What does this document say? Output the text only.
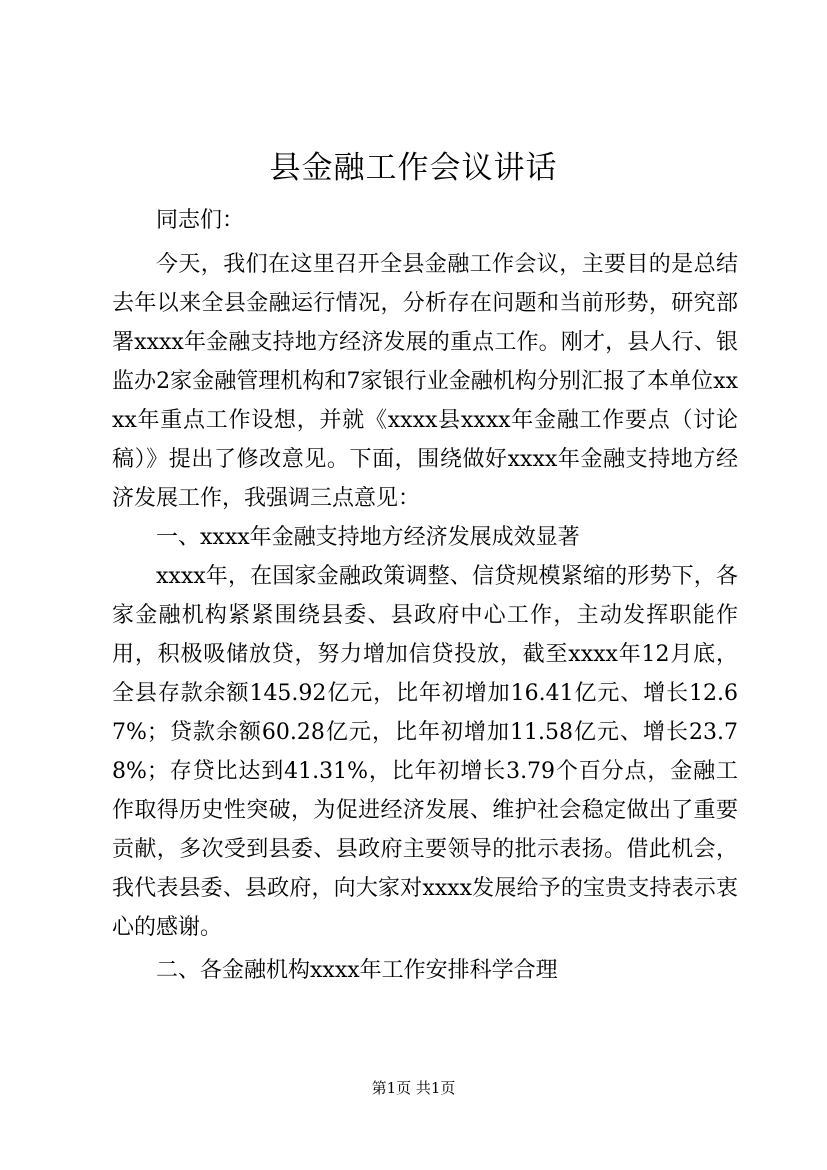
县金融工作会议讲话

同志们：

今天，我们在这里召开全县金融工作会议，主要目的是总结去年以来全县金融运行情况，分析存在问题和当前形势，研究部署xxxx年金融支持地方经济发展的重点工作。刚才，县人行、银监办2家金融管理机构和7家银行业金融机构分别汇报了本单位xxxx年重点工作设想，并就《xxxx县xxxx年金融工作要点（讨论稿）》提出了修改意见。下面，围绕做好xxxx年金融支持地方经济发展工作，我强调三点意见：

一、xxxx年金融支持地方经济发展成效显著

xxxx年，在国家金融政策调整、信贷规模紧缩的形势下，各家金融机构紧紧围绕县委、县政府中心工作，主动发挥职能作用，积极吸储放贷，努力增加信贷投放，截至xxxx年12月底，全县存款余额145.92亿元，比年初增加16.41亿元、增长12.67%；贷款余额60.28亿元，比年初增加11.58亿元、增长23.78%；存贷比达到41.31%，比年初增长3.79个百分点，金融工作取得历史性突破，为促进经济发展、维护社会稳定做出了重要贡献，多次受到县委、县政府主要领导的批示表扬。借此机会，我代表县委、县政府，向大家对xxxx发展给予的宝贵支持表示衷心的感谢。

二、各金融机构xxxx年工作安排科学合理

第1页 共1页
